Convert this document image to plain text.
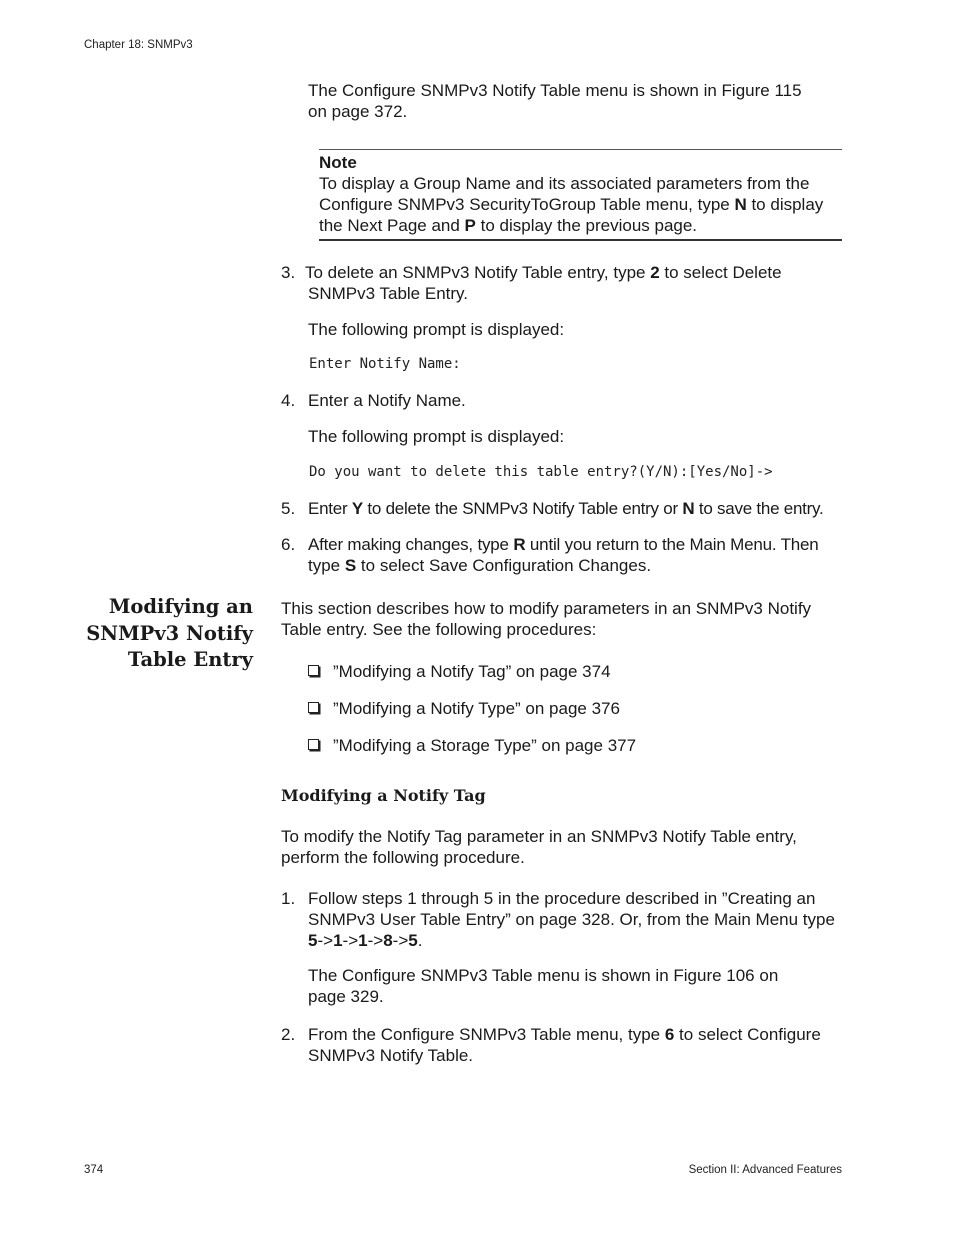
Chapter 18: SNMPv3
The Configure SNMPv3 Notify Table menu is shown in Figure 115
on page 372.
Note
To display a Group Name and its associated parameters from the
Configure SNMPv3 SecurityToGroup Table menu, type N to display
the Next Page and P to display the previous page.
3. To delete an SNMPv3 Notify Table entry, type 2 to select Delete
SNMPv3 Table Entry.
The following prompt is displayed:
Enter Notify Name:
4. Enter a Notify Name.
The following prompt is displayed:
Do you want to delete this table entry?(Y/N):[Yes/No]->
5. Enter Y to delete the SNMPv3 Notify Table entry or N to save the entry.
6. After making changes, type R until you return to the Main Menu. Then
type S to select Save Configuration Changes.
Modifying an
SNMPv3 Notify
Table Entry
This section describes how to modify parameters in an SNMPv3 Notify
Table entry. See the following procedures:
”Modifying a Notify Tag” on page 374
”Modifying a Notify Type” on page 376
”Modifying a Storage Type” on page 377
Modifying a Notify Tag
To modify the Notify Tag parameter in an SNMPv3 Notify Table entry,
perform the following procedure.
1. Follow steps 1 through 5 in the procedure described in ”Creating an
SNMPv3 User Table Entry” on page 328. Or, from the Main Menu type
5->1->1->8->5.
The Configure SNMPv3 Table menu is shown in Figure 106 on
page 329.
2. From the Configure SNMPv3 Table menu, type 6 to select Configure
SNMPv3 Notify Table.
374	Section II: Advanced Features
